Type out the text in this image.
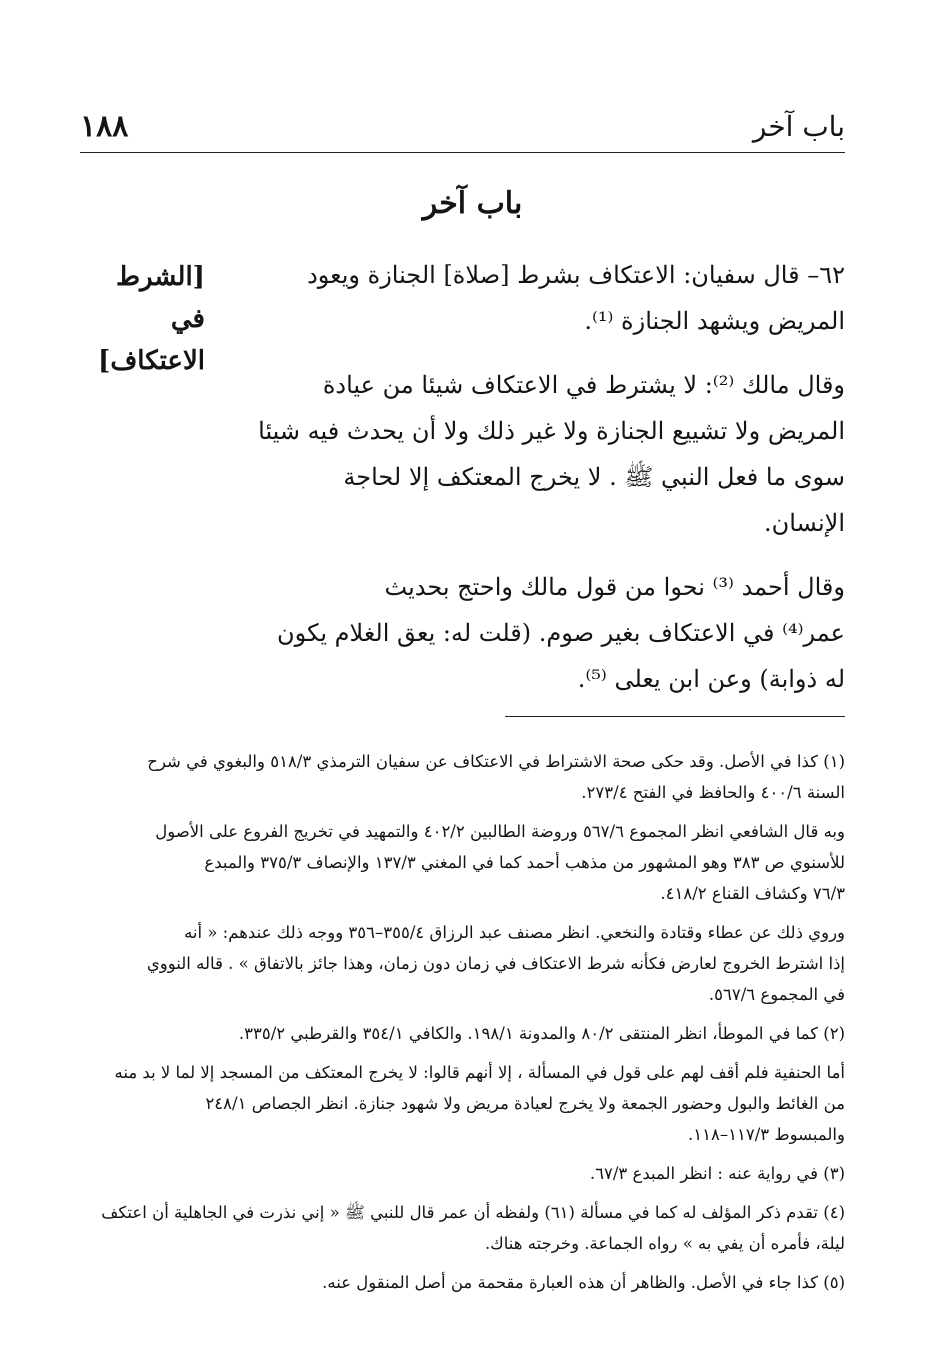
١٨٨	باب آخر
باب آخر
[الشرط في
الاعتكاف]

٦٢– قال سفيان: الاعتكاف بشرط [صلاة] الجنازة ويعود
المريض ويشهد الجنازة ⁽¹⁾.

وقال مالك ⁽²⁾: لا يشترط في الاعتكاف شيئا من عيادة
المريض ولا تشييع الجنازة ولا غير ذلك ولا أن يحدث فيه شيئا
سوى ما فعل النبي ﷺ . لا يخرج المعتكف إلا لحاجة
الإنسان.

وقال أحمد ⁽³⁾ نحوا من قول مالك واحتج بحديث
عمر⁽⁴⁾ في الاعتكاف بغير صوم. (قلت له: يعق الغلام يكون
له ذوابة) وعن ابن يعلى ⁽⁵⁾.

(١) كذا في الأصل. وقد حكى صحة الاشتراط في الاعتكاف عن سفيان الترمذي ٥١٨/٣ والبغوي في شرح
السنة ٤٠٠/٦ والحافظ في الفتح ٢٧٣/٤.
وبه قال الشافعي انظر المجموع ٥٦٧/٦ وروضة الطالبين ٤٠٢/٢ والتمهيد في تخريج الفروع على الأصول
للأسنوي ص ٣٨٣ وهو المشهور من مذهب أحمد كما في المغني ١٣٧/٣ والإنصاف ٣٧٥/٣ والمبدع
٧٦/٣ وكشاف القناع ٤١٨/٢.
وروي ذلك عن عطاء وقتادة والنخعي. انظر مصنف عبد الرزاق ٣٥٥/٤–٣٥٦ ووجه ذلك عندهم: « أنه
إذا اشترط الخروج لعارض فكأنه شرط الاعتكاف في زمان دون زمان، وهذا جائز بالاتفاق » . قاله النووي
في المجموع ٥٦٧/٦.
(٢) كما في الموطأ، انظر المنتقى ٨٠/٢ والمدونة ١٩٨/١. والكافي ٣٥٤/١ والقرطبي ٣٣٥/٢.
أما الحنفية فلم أقف لهم على قول في المسألة ، إلا أنهم قالوا: لا يخرج المعتكف من المسجد إلا لما لا بد منه
من الغائط والبول وحضور الجمعة ولا يخرج لعيادة مريض ولا شهود جنازة. انظر الجصاص ٢٤٨/١
والمبسوط ١١٧/٣–١١٨.
(٣) في رواية عنه : انظر المبدع ٦٧/٣.
(٤) تقدم ذكر المؤلف له كما في مسألة (٦١) ولفظه أن عمر قال للنبي ﷺ « إني نذرت في الجاهلية أن اعتكف
ليلة، فأمره أن يفي به » رواه الجماعة. وخرجته هناك.
(٥) كذا جاء في الأصل. والظاهر أن هذه العبارة مقحمة من أصل المنقول عنه.
